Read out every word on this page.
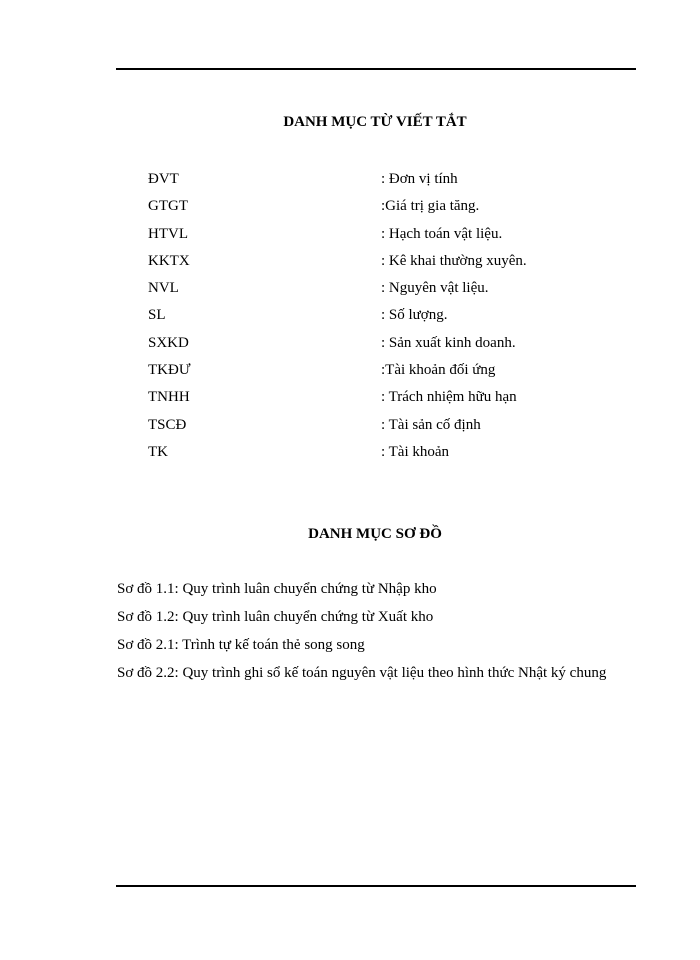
DANH MỤC TỪ VIẾT TẮT
ĐVT	: Đơn vị tính
GTGT	:Giá trị gia tăng.
HTVL	: Hạch toán vật liệu.
KKTX	: Kê khai thường xuyên.
NVL	: Nguyên vật liệu.
SL	: Số lượng.
SXKD	: Sản xuất kinh doanh.
TKĐƯ	:Tài khoản đối ứng
TNHH	: Trách nhiệm hữu hạn
TSCĐ	: Tài sản cố định
TK	: Tài khoản
DANH MỤC SƠ ĐỒ
Sơ đồ 1.1: Quy trình luân chuyển chứng từ Nhập kho
Sơ đồ 1.2: Quy trình luân chuyển chứng từ Xuất kho
Sơ đồ 2.1: Trình tự kế toán thẻ song song
Sơ đồ 2.2: Quy trình ghi sổ kế toán nguyên vật liệu theo hình thức Nhật ký chung
